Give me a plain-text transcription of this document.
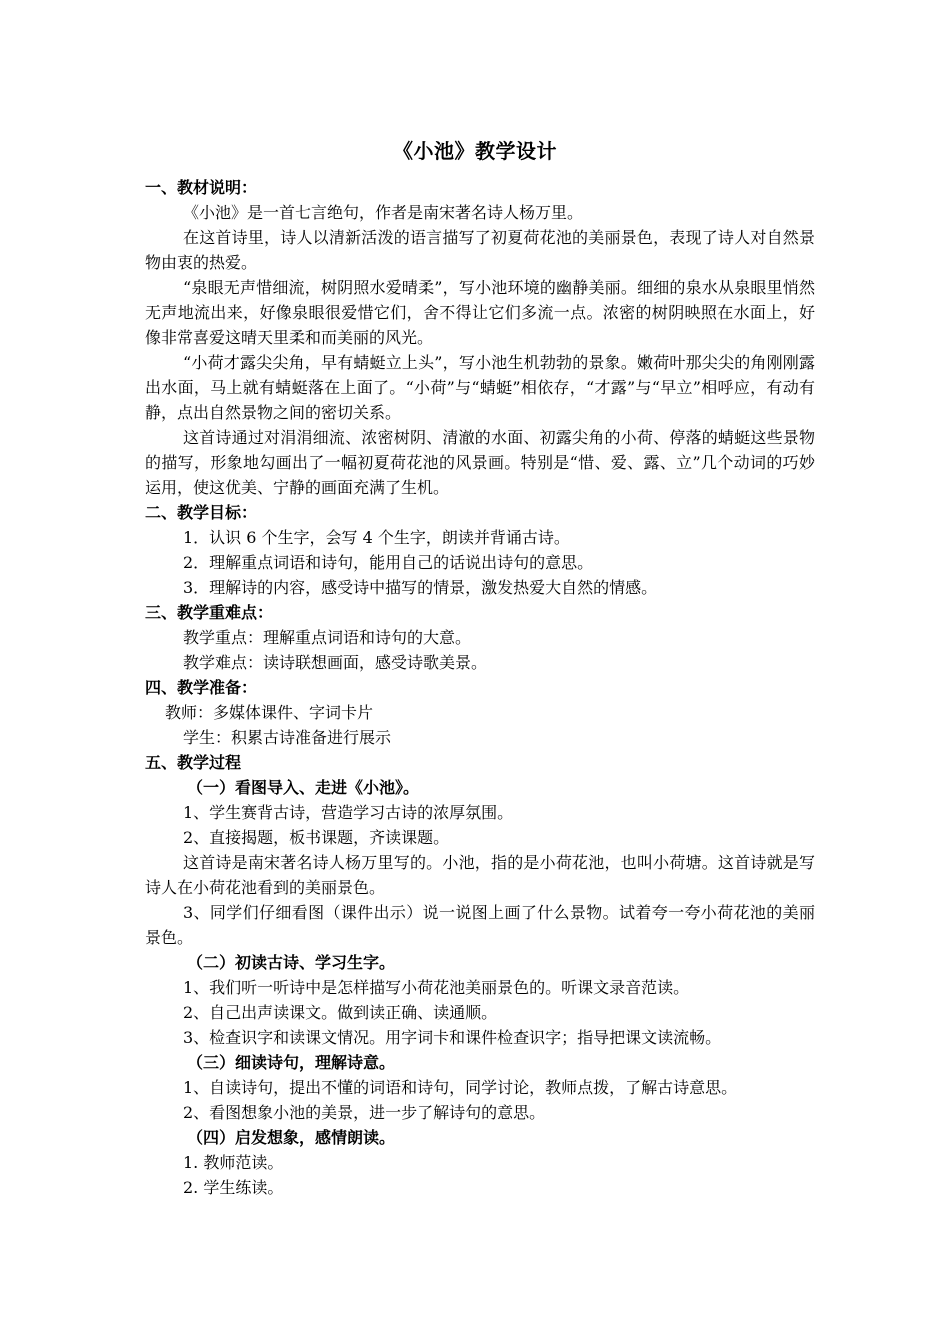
《小池》教学设计

一、教材说明：

《小池》是一首七言绝句，作者是南宋著名诗人杨万里。

在这首诗里，诗人以清新活泼的语言描写了初夏荷花池的美丽景色，表现了诗人对自然景物由衷的热爱。

“泉眼无声惜细流，树阴照水爱晴柔”，写小池环境的幽静美丽。细细的泉水从泉眼里悄然无声地流出来，好像泉眼很爱惜它们，舍不得让它们多流一点。浓密的树阴映照在水面上，好像非常喜爱这晴天里柔和而美丽的风光。

“小荷才露尖尖角，早有蜻蜓立上头”，写小池生机勃勃的景象。嫩荷叶那尖尖的角刚刚露出水面，马上就有蜻蜓落在上面了。“小荷”与“蜻蜓”相依存，“才露”与“早立”相呼应，有动有静，点出自然景物之间的密切关系。

这首诗通过对涓涓细流、浓密树阴、清澈的水面、初露尖角的小荷、停落的蜻蜓这些景物的描写，形象地勾画出了一幅初夏荷花池的风景画。特别是“惜、爱、露、立”几个动词的巧妙运用，使这优美、宁静的画面充满了生机。

二、教学目标：

1．认识 6 个生字，会写 4 个生字，朗读并背诵古诗。

2．理解重点词语和诗句，能用自己的话说出诗句的意思。

3．理解诗的内容，感受诗中描写的情景，激发热爱大自然的情感。

三、教学重难点：

教学重点：理解重点词语和诗句的大意。

教学难点：读诗联想画面，感受诗歌美景。

四、教学准备：

教师：多媒体课件、字词卡片

学生：积累古诗准备进行展示

五、教学过程

（一）看图导入、走进《小池》。

1、学生赛背古诗，营造学习古诗的浓厚氛围。

2、直接揭题，板书课题，齐读课题。

这首诗是南宋著名诗人杨万里写的。小池，指的是小荷花池，也叫小荷塘。这首诗就是写诗人在小荷花池看到的美丽景色。

3、同学们仔细看图（课件出示）说一说图上画了什么景物。试着夸一夸小荷花池的美丽景色。

（二）初读古诗、学习生字。

1、我们听一听诗中是怎样描写小荷花池美丽景色的。听课文录音范读。

2、自己出声读课文。做到读正确、读通顺。

3、检查识字和读课文情况。用字词卡和课件检查识字；指导把课文读流畅。

（三）细读诗句，理解诗意。

1、自读诗句，提出不懂的词语和诗句，同学讨论，教师点拨，了解古诗意思。

2、看图想象小池的美景，进一步了解诗句的意思。

（四）启发想象，感情朗读。

1. 教师范读。

2. 学生练读。
